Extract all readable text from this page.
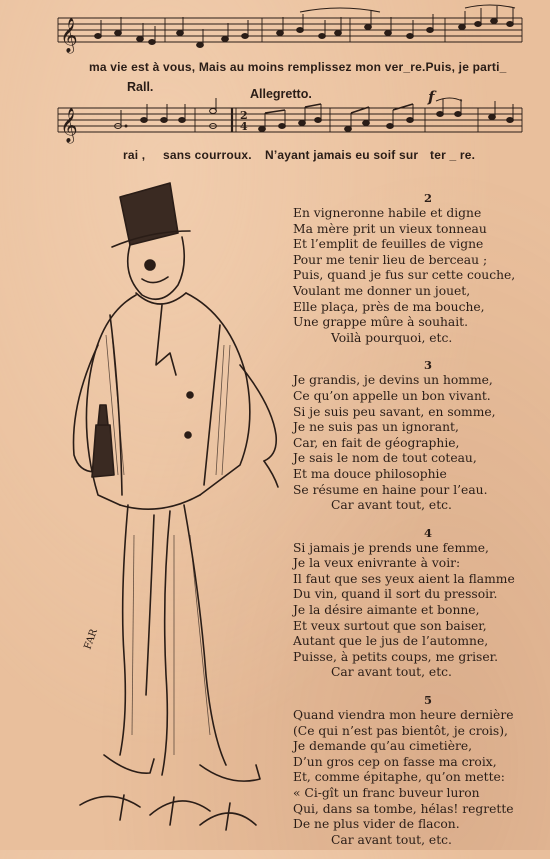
𝄞
ma vie est à vous, Mais au moins remplissez mon ver_re.Puis, je parti_
Rall.	Allegretto.	f
𝄞	2
4
rai , sans courroux. N’ayant jamais eu soif sur ter _ re.
FAR
2
En vigneronne habile et digne
Ma mère prit un vieux tonneau
Et l’emplit de feuilles de vigne
Pour me tenir lieu de berceau ;
Puis, quand je fus sur cette couche,
Voulant me donner un jouet,
Elle plaça, près de ma bouche,
Une grappe mûre à souhait.
Voilà pourquoi, etc.
3
Je grandis, je devins un homme,
Ce qu’on appelle un bon vivant.
Si je suis peu savant, en somme,
Je ne suis pas un ignorant,
Car, en fait de géographie,
Je sais le nom de tout coteau,
Et ma douce philosophie
Se résume en haine pour l’eau.
Car avant tout, etc.
4
Si jamais je prends une femme,
Je la veux enivrante à voir:
Il faut que ses yeux aient la flamme
Du vin, quand il sort du pressoir.
Je la désire aimante et bonne,
Et veux surtout que son baiser,
Autant que le jus de l’automne,
Puisse, à petits coups, me griser.
Car avant tout, etc.
5
Quand viendra mon heure dernière
(Ce qui n’est pas bientôt, je crois),
Je demande qu’au cimetière,
D’un gros cep on fasse ma croix,
Et, comme épitaphe, qu’on mette:
« Ci-gît un franc buveur luron
Qui, dans sa tombe, hélas! regrette
De ne plus vider de flacon.
Car avant tout, etc.
